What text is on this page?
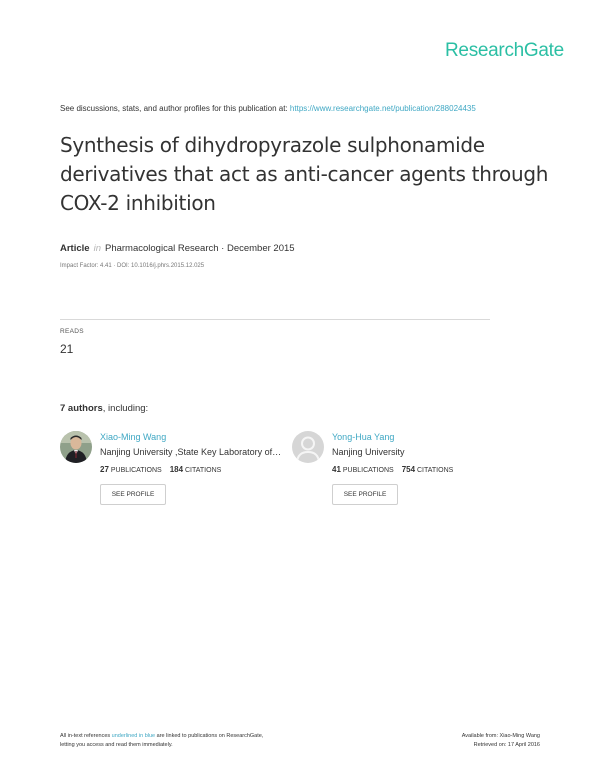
ResearchGate
See discussions, stats, and author profiles for this publication at: https://www.researchgate.net/publication/288024435
Synthesis of dihydropyrazole sulphonamide derivatives that act as anti-cancer agents through COX-2 inhibition
Article in Pharmacological Research · December 2015
Impact Factor: 4.41 · DOI: 10.1016/j.phrs.2015.12.025
READS
21
7 authors, including:
Xiao-Ming Wang
Nanjing University ,State Key Laboratory of…
27 PUBLICATIONS 184 CITATIONS
SEE PROFILE
Yong-Hua Yang
Nanjing University
41 PUBLICATIONS 754 CITATIONS
SEE PROFILE
All in-text references underlined in blue are linked to publications on ResearchGate,
letting you access and read them immediately.
Available from: Xiao-Ming Wang
Retrieved on: 17 April 2016
